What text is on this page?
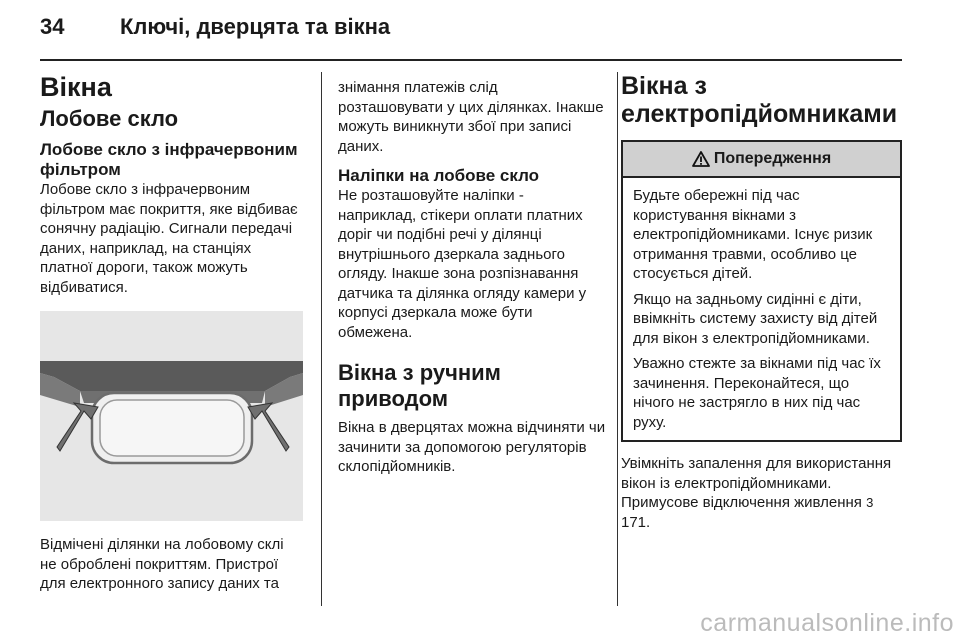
34	Ключі, дверцята та вікна
Вікна
Лобове скло
Лобове скло з інфрачервоним фільтром
Лобове скло з інфрачервоним фільтром має покриття, яке відбиває сонячну радіацію. Сигнали передачі даних, наприклад, на станціях платної дороги, також можуть відбиватися.
Відмічені ділянки на лобовому склі не оброблені покриттям. Пристрої для електронного запису даних та
знімання платежів слід розташовувати у цих ділянках. Інакше можуть виникнути збої при записі даних.
Наліпки на лобове скло
Не розташовуйте наліпки - наприклад, стікери оплати платних доріг чи подібні речі у ділянці внутрішнього дзеркала заднього огляду. Інакше зона розпізнавання датчика та ділянка огляду камери у корпусі дзеркала може бути обмежена.
Вікна з ручним приводом
Вікна в дверцятах можна відчиняти чи зачинити за допомогою регуляторів склопідйомників.
Вікна з електропідйомниками
Попередження
Будьте обережні під час користування вікнами з електропідйомниками. Існує ризик отримання травми, особливо це стосується дітей.
Якщо на задньому сидінні є діти, ввімкніть систему захисту від дітей для вікон з електропідйомниками.
Уважно стежте за вікнами під час їх зачинення. Переконайтеся, що нічого не застрягло в них під час руху.
Увімкніть запалення для використання вікон із електропідйомниками. Примусове відключення живлення 3 171.
carmanualsonline.info
